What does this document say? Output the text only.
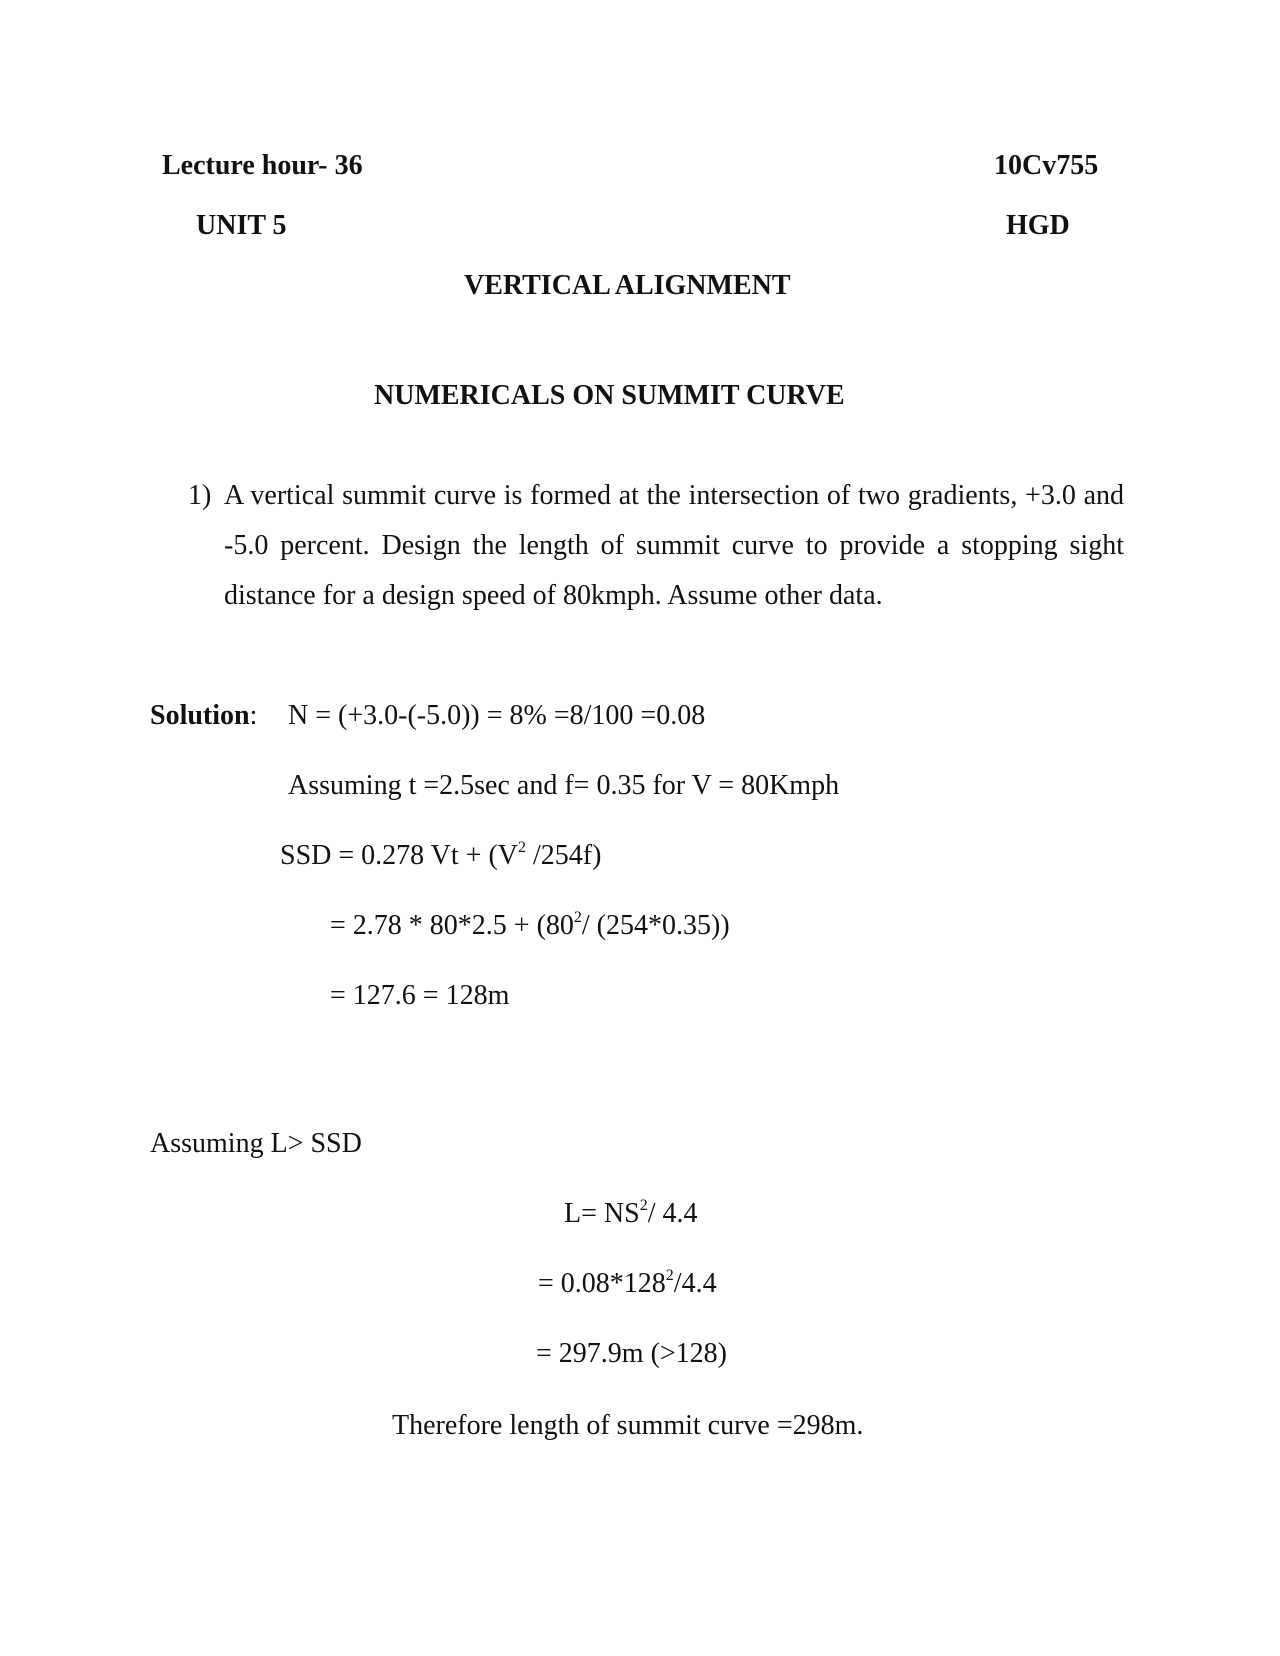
Lecture hour- 36	10Cv755
UNIT 5	HGD
VERTICAL ALIGNMENT
NUMERICALS ON SUMMIT CURVE
1) A vertical summit curve is formed at the intersection of two gradients, +3.0 and -5.0 percent. Design the length of summit curve to provide a stopping sight distance for a design speed of 80kmph. Assume other data.
Solution: N = (+3.0-(-5.0)) = 8% =8/100 =0.08
Assuming t =2.5sec and f= 0.35 for V = 80Kmph
SSD = 0.278 $Vt + (V^2$ /254f)
= $2.78 * 80*2.5 + (80^2/$ (254*0.35))
= 127.6 = 128m
Assuming L> SSD
$L= NS^2/$ 4.4
= $0.08*128^2/4.4$
= 297.9m (>128)
Therefore length of summit curve =298m.
